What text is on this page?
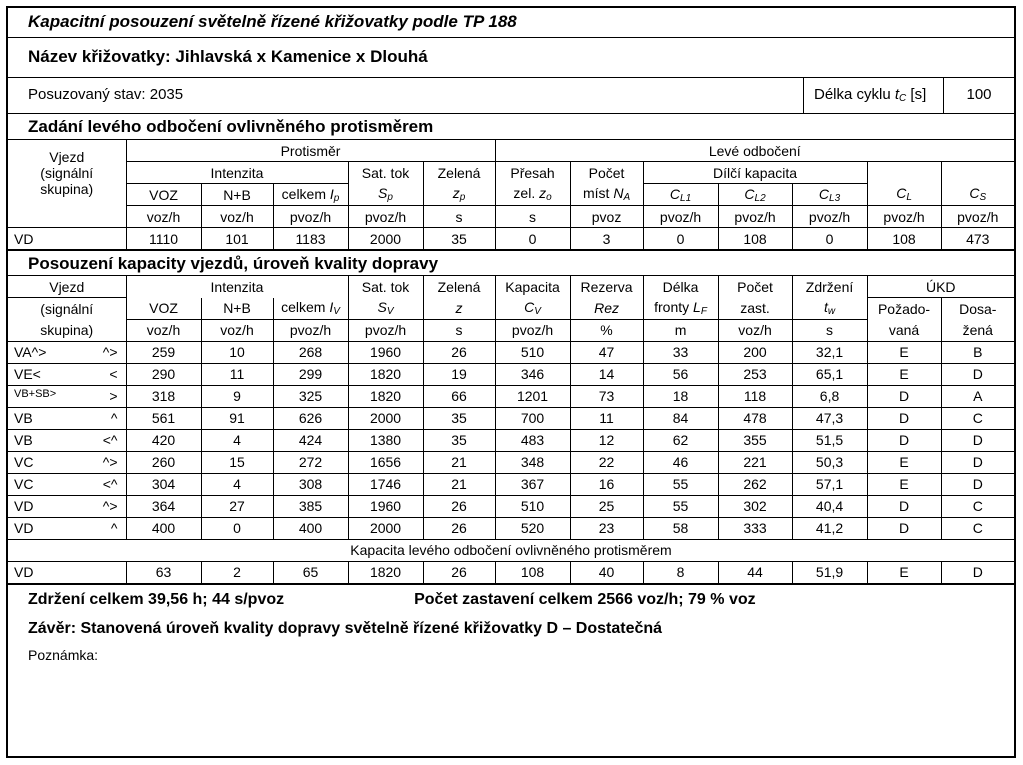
Kapacitní posouzení světelně řízené křižovatky podle TP 188
Název křižovatky: Jihlavská x Kamenice x Dlouhá
Posuzovaný stav: 2035	Délka cyklu $t_C$ [s]	100
Zadání levého odbočení ovlivněného protisměrem
Vjezd
(signální
skupina)	Protisměr					Levé odbočení						
	Intenzita			Sat. tok	Zelená	Přesah	Počet	Dílčí kapacita				
	VOZ	N+B	celkem $I_p$	$S_p$	$z_p$	zel. $z_o$	míst $N_A$	$C_{L1}$	$C_{L2}$	$C_{L3}$	$C_L$	$C_S$
	voz/h	voz/h	pvoz/h	pvoz/h	s	s	pvoz	pvoz/h	pvoz/h	pvoz/h	pvoz/h	pvoz/h
VD	1110	101	1183	2000	35	0	3	0	108	0	108	473
Posouzení kapacity vjezdů, úroveň kvality dopravy
Vjezd	Intenzita			Sat. tok	Zelená	Kapacita	Rezerva	Délka	Počet	Zdržení	ÚKD	
(signální	VOZ	N+B	celkem $I_V$	$S_V$	z	$C_V$	Rez	fronty $L_F$	zast.	$t_w$	Požado-	Dosa-
skupina)	voz/h	voz/h	pvoz/h	pvoz/h	s	pvoz/h	%	m	voz/h	s	vaná	žená

VA^> ^>	259	10	268	1960	26	510	47	33	200	32,1	E	B

VE< <	290	11	299	1820	19	346	14	56	253	65,1	E	D

VB+SB> >	318	9	325	1820	66	1201	73	18	118	6,8	D	A

VB ^	561	91	626	2000	35	700	11	84	478	47,3	D	C

VB <^	420	4	424	1380	35	483	12	62	355	51,5	D	D

VC ^>	260	15	272	1656	21	348	22	46	221	50,3	E	D

VC <^	304	4	308	1746	21	367	16	55	262	57,1	E	D

VD ^>	364	27	385	1960	26	510	25	55	302	40,4	D	C

VD ^	400	0	400	2000	26	520	23	58	333	41,2	D	C
Kapacita levého odbočení ovlivněného protisměrem												
VD	63	2	65	1820	26	108	40	8	44	51,9	E	D
Zdržení celkem 39,56 h; 44 s/pvoz	Počet zastavení celkem 2566 voz/h; 79 % voz
Závěr: Stanovená úroveň kvality dopravy světelně řízené křižovatky D – Dostatečná
Poznámka:
